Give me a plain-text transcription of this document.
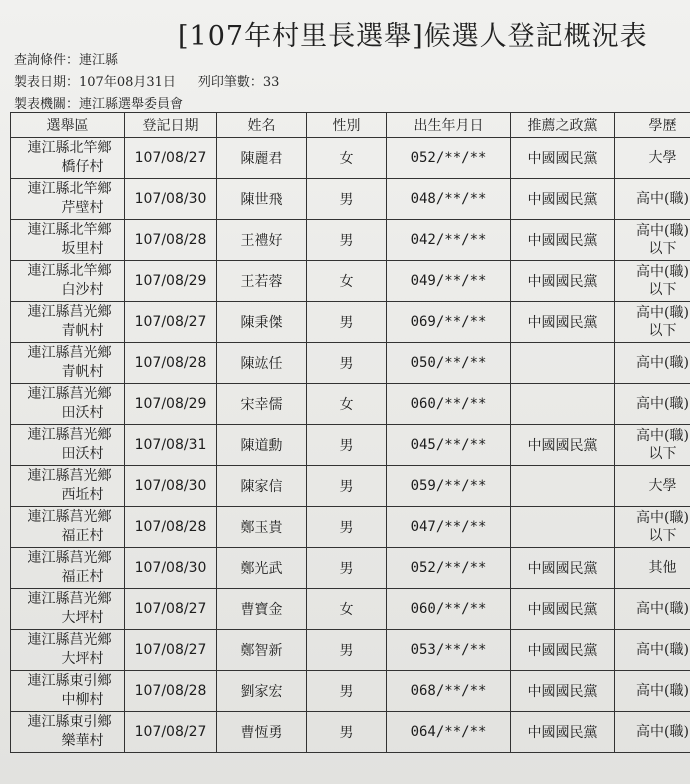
[107年村里長選舉]候選人登記概況表
查詢條件：連江縣
製表日期：107年08月31日 列印筆數：33
製表機關：連江縣選舉委員會
選舉區	登記日期	姓名	性別	出生年月日	推薦之政黨	學歷

連江縣北竿鄉
橋仔村	107/08/27	陳麗君	女	052/**/**	中國國民黨	大學

連江縣北竿鄉
芹壁村	107/08/30	陳世飛	男	048/**/**	中國國民黨	高中(職)

連江縣北竿鄉
坂里村	107/08/28	王禮好	男	042/**/**	中國國民黨	高中(職)
以下

連江縣北竿鄉
白沙村	107/08/29	王若蓉	女	049/**/**	中國國民黨	高中(職)
以下

連江縣莒光鄉
青帆村	107/08/27	陳秉傑	男	069/**/**	中國國民黨	高中(職)
以下

連江縣莒光鄉
青帆村	107/08/28	陳竑任	男	050/**/**		高中(職)

連江縣莒光鄉
田沃村	107/08/29	宋幸儒	女	060/**/**		高中(職)

連江縣莒光鄉
田沃村	107/08/31	陳道勳	男	045/**/**	中國國民黨	高中(職)
以下

連江縣莒光鄉
西坵村	107/08/30	陳家信	男	059/**/**		大學

連江縣莒光鄉
福正村	107/08/28	鄭玉貴	男	047/**/**		高中(職)
以下

連江縣莒光鄉
福正村	107/08/30	鄭光武	男	052/**/**	中國國民黨	其他

連江縣莒光鄉
大坪村	107/08/27	曹寶金	女	060/**/**	中國國民黨	高中(職)

連江縣莒光鄉
大坪村	107/08/27	鄭智新	男	053/**/**	中國國民黨	高中(職)

連江縣東引鄉
中柳村	107/08/28	劉家宏	男	068/**/**	中國國民黨	高中(職)

連江縣東引鄉
樂華村	107/08/27	曹恆勇	男	064/**/**	中國國民黨	高中(職)
